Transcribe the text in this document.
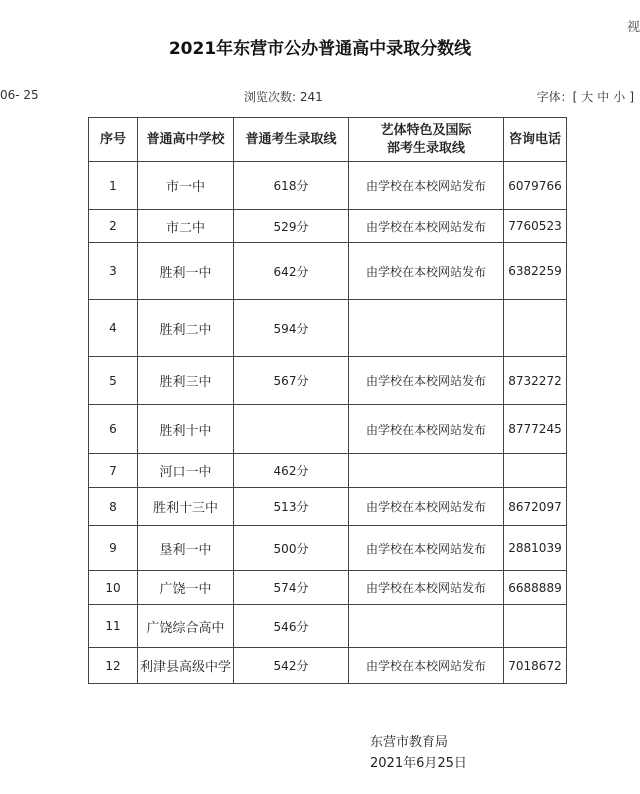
视
2021年东营市公办普通高中录取分数线
06- 25	浏览次数: 241	字体：[ 大 中 小 ]
序号	普通高中学校	普通考生录取线	艺体特色及国际部考生录取线	咨询电话
1	市一中	618分	由学校在本校网站发布	6079766
2	市二中	529分	由学校在本校网站发布	7760523
3	胜利一中	642分	由学校在本校网站发布	6382259
4	胜利二中	594分		
5	胜利三中	567分	由学校在本校网站发布	8732272
6	胜利十中		由学校在本校网站发布	8777245
7	河口一中	462分		
8	胜利十三中	513分	由学校在本校网站发布	8672097
9	垦利一中	500分	由学校在本校网站发布	2881039
10	广饶一中	574分	由学校在本校网站发布	6688889
11	广饶综合高中	546分		
12	利津县高级中学	542分	由学校在本校网站发布	7018672
东营市教育局
2021年6月25日
